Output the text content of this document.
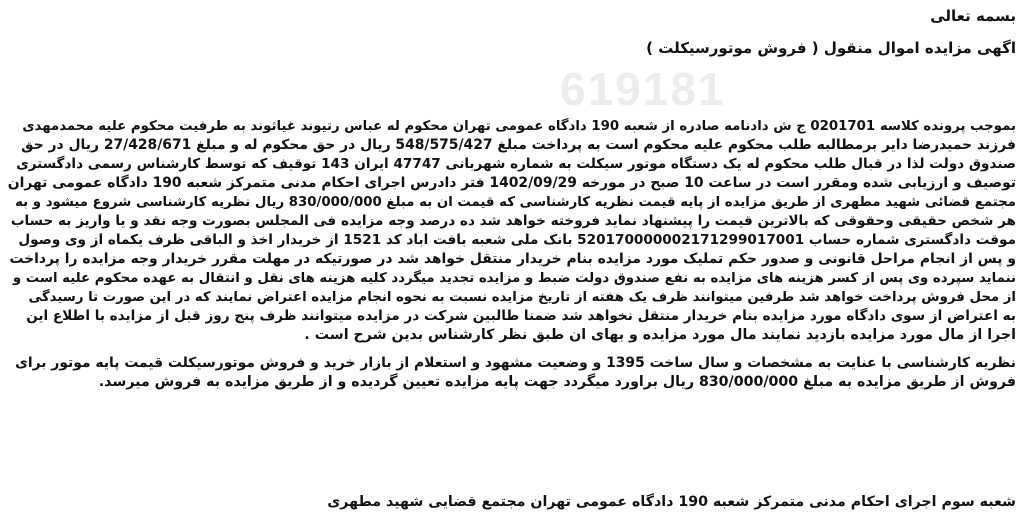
619181
بسمه تعالی
اگهی مزایده اموال منقول ( فروش موتورسیکلت )
بموجب پرونده کلاسه 0201701 ج ش دادنامه صادره از شعبه 190 دادگاه عمومی تهران محکوم له عباس رتیوند غیاثوند به طرفیت محکوم علیه محمدمهدی
فرزند حمیدرضا دایر برمطالبه طلب محکوم علیه محکوم است به پرداخت مبلغ 548/575/427 ریال در حق محکوم له و مبلغ 27/428/671 ریال در حق
صندوق دولت لذا در قبال طلب محکوم له یک دستگاه موتور سیکلت به شماره شهربانی 47747 ایران 143 توقیف که توسط کارشناس رسمی دادگستری
توصیف و ارزیابی شده ومقرر است در ساعت 10 صبح در مورخه 1402/09/29 فتر دادرس اجرای احکام مدنی متمرکز شعبه 190 دادگاه عمومی تهران
مجتمع قضائی شهید مطهری از طریق مزایده از پایه قیمت نظریه کارشناسی که قیمت ان به مبلغ 830/000/000 ریال نظریه کارشناسی شروع میشود و به
هر شخص حقیقی وحقوقی که بالاترین قیمت را پیشنهاد نماید فروخته خواهد شد ده درصد وجه مزایده فی المجلس بصورت وجه نقد و یا واریز به حساب
موقت دادگستری شماره حساب 520170000002171299017001 بانک ملی شعبه بافت اباد کد 1521 از خریدار اخذ و الباقی ظرف یکماه از وی وصول
و پس از انجام مراحل قانونی و صدور حکم تملیک مورد مزایده بنام خریدار منتقل خواهد شد در صورتیکه در مهلت مقرر خریدار وجه مزایده را پرداخت
ننماید سپرده وی پس از کسر هزینه های مزایده به نفع صندوق دولت ضبط و مزایده تجدید میگردد کلیه هزینه های نقل و انتقال به عهده محکوم علیه است و
از محل فروش پرداخت خواهد شد طرفین میتوانند ظرف یک هفته از تاریخ مزایده نسبت به نحوه انجام مزایده اعتراض نمایند که در این صورت تا رسیدگی
به اعتراض از سوی دادگاه مورد مزایده بنام خریدار منتقل نخواهد شد ضمنا طالبین شرکت در مزایده میتوانند ظرف پنج روز قبل از مزایده با اطلاع این
اجرا از مال مورد مزایده بازدید نمایند مال مورد مزایده و بهای ان طبق نظر کارشناس بدین شرح است .
نظریه کارشناسی با عنایت به مشخصات و سال ساخت 1395 و وضعیت مشهود و استعلام از بازار خرید و فروش موتورسیکلت قیمت پایه موتور برای
فروش از طریق مزایده به مبلغ 830/000/000 ریال براورد میگردد جهت پایه مزایده تعیین گردیده و از طریق مزایده به فروش میرسد.
شعبه سوم اجرای احکام مدنی متمرکز شعبه 190 دادگاه عمومی تهران مجتمع قضایی شهید مطهری
